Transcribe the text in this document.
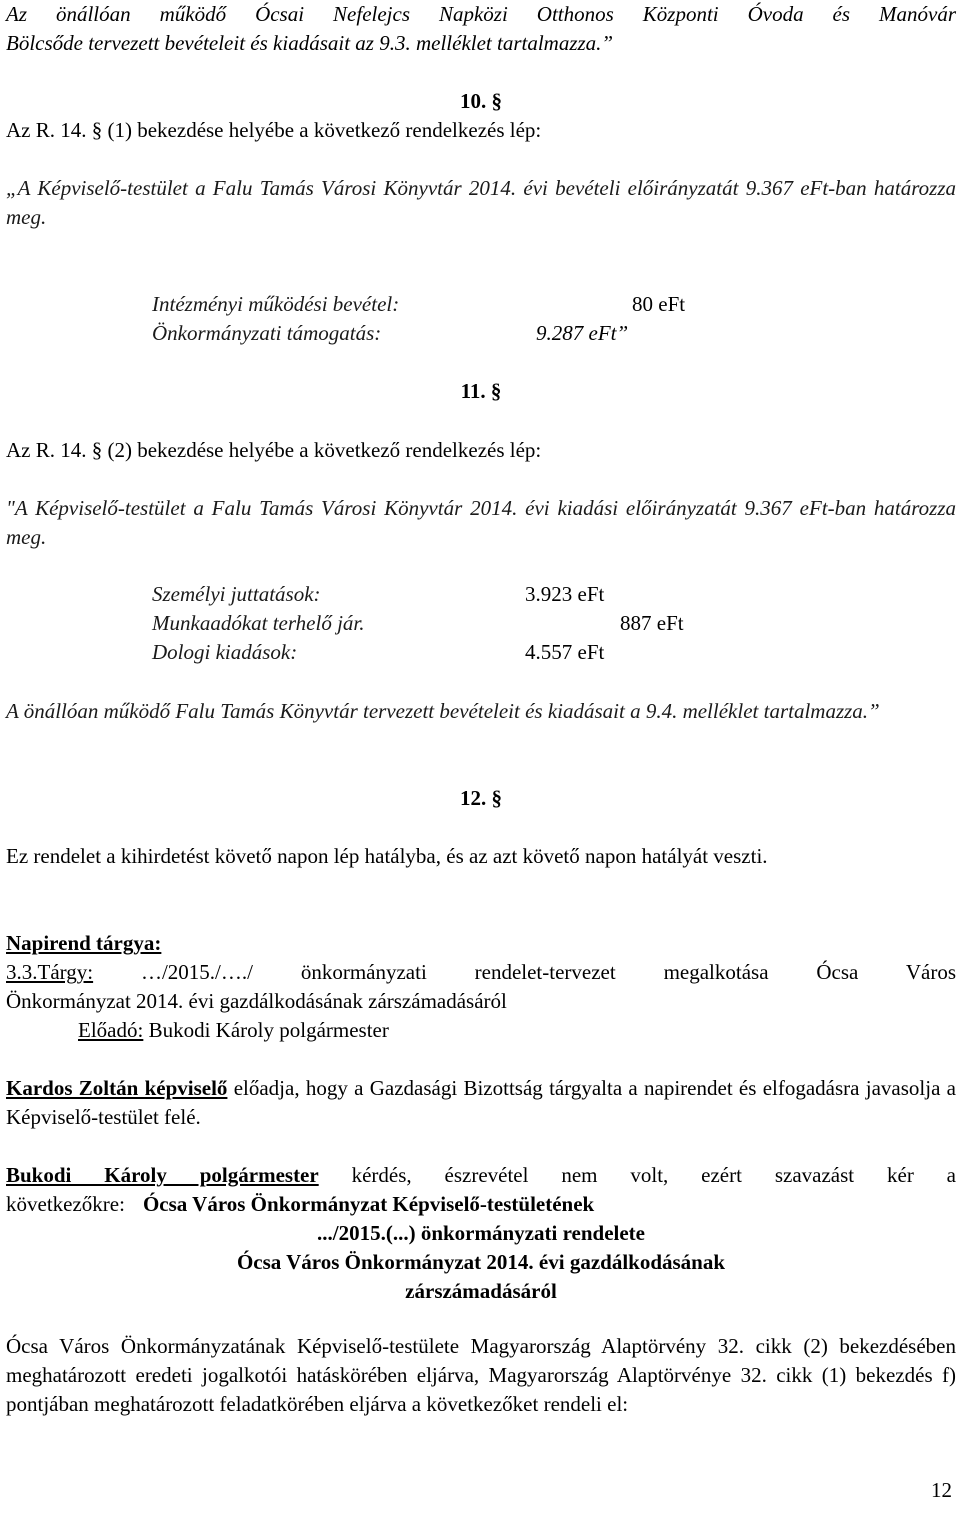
Az önállóan működő Ócsai Nefelejcs Napközi Otthonos Központi Óvoda és Manóvár

Bölcsőde tervezett bevételeit és kiadásait az 9.3. melléklet tartalmazza.”

10. §

Az R. 14. § (1) bekezdése helyébe a következő rendelkezés lép:

„A Képviselő-testület a Falu Tamás Városi Könyvtár 2014. évi bevételi előirányzatát 9.367 eFt-ban határozza meg.

Intézményi működési bevétel:	80 eFt
Önkormányzati támogatás:	9.287 eFt”

11. §

Az R. 14. § (2) bekezdése helyébe a következő rendelkezés lép:

"A Képviselő-testület a Falu Tamás Városi Könyvtár 2014. évi kiadási előirányzatát 9.367 eFt-ban határozza meg.

Személyi juttatások:	3.923 eFt
Munkaadókat terhelő jár.	887 eFt
Dologi kiadások:	4.557 eFt

A önállóan működő Falu Tamás Könyvtár tervezett bevételeit és kiadásait a 9.4. melléklet tartalmazza.”

12. §

Ez rendelet a kihirdetést követő napon lép hatályba, és az azt követő napon hatályát veszti.

Napirend tárgya:

3.3.Tárgy: …/2015./…./ önkormányzati rendelet-tervezet megalkotása Ócsa Város

Önkormányzat 2014. évi gazdálkodásának zárszámadásáról

Előadó: Bukodi Károly polgármester

Kardos Zoltán képviselő előadja, hogy a Gazdasági Bizottság tárgyalta a napirendet és elfogadásra javasolja a Képviselő-testület felé.

Bukodi Károly polgármester kérdés, észrevétel nem volt, ezért szavazást kér a

következőkre: Ócsa Város Önkormányzat Képviselő-testületének

.../2015.(...) önkormányzati rendelete

Ócsa Város Önkormányzat 2014. évi gazdálkodásának

zárszámadásáról

Ócsa Város Önkormányzatának Képviselő-testülete Magyarország Alaptörvény 32. cikk (2) bekezdésében meghatározott eredeti jogalkotói hatáskörében eljárva, Magyarország Alaptörvénye 32. cikk (1) bekezdés f) pontjában meghatározott feladatkörében eljárva a következőket rendeli el:

12
